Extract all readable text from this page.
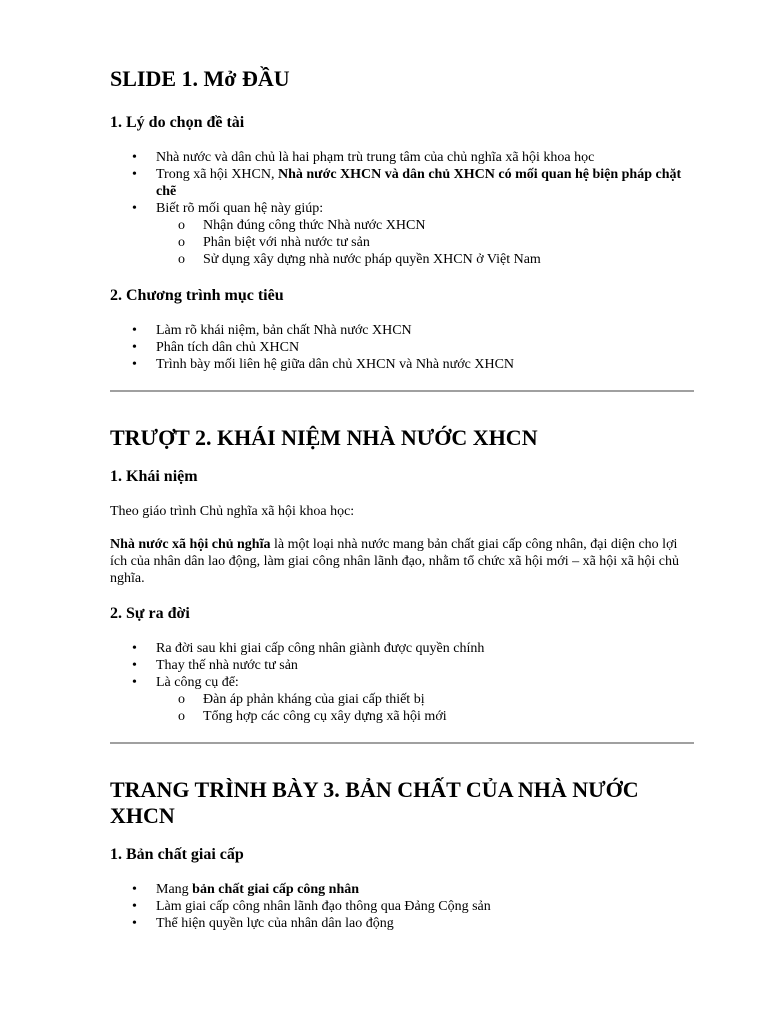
SLIDE 1. Mở ĐẦU
1. Lý do chọn đề tài
• Nhà nước và dân chủ là hai phạm trù trung tâm của chủ nghĩa xã hội khoa học
• Trong xã hội XHCN, Nhà nước XHCN và dân chủ XHCN có mối quan hệ biện pháp chặt chẽ
• Biết rõ mối quan hệ này giúp:
o Nhận đúng công thức Nhà nước XHCN
o Phân biệt với nhà nước tư sản
o Sử dụng xây dựng nhà nước pháp quyền XHCN ở Việt Nam
2. Chương trình mục tiêu
• Làm rõ khái niệm, bản chất Nhà nước XHCN
• Phân tích dân chủ XHCN
• Trình bày mối liên hệ giữa dân chủ XHCN và Nhà nước XHCN
TRƯỢT 2. KHÁI NIỆM NHÀ NƯỚC XHCN
1. Khái niệm

Theo giáo trình Chủ nghĩa xã hội khoa học:

Nhà nước xã hội chủ nghĩa là một loại nhà nước mang bản chất giai cấp công nhân, đại diện cho lợi ích của nhân dân lao động, làm giai công nhân lãnh đạo, nhằm tổ chức xã hội mới – xã hội xã hội chủ nghĩa.

2. Sự ra đời
• Ra đời sau khi giai cấp công nhân giành được quyền chính
• Thay thế nhà nước tư sản
• Là công cụ để:
o Đàn áp phản kháng của giai cấp thiết bị
o Tổng hợp các công cụ xây dựng xã hội mới
TRANG TRÌNH BÀY 3. BẢN CHẤT CỦA NHÀ NƯỚC XHCN
1. Bản chất giai cấp
• Mang bản chất giai cấp công nhân
• Làm giai cấp công nhân lãnh đạo thông qua Đảng Cộng sản
• Thể hiện quyền lực của nhân dân lao động
